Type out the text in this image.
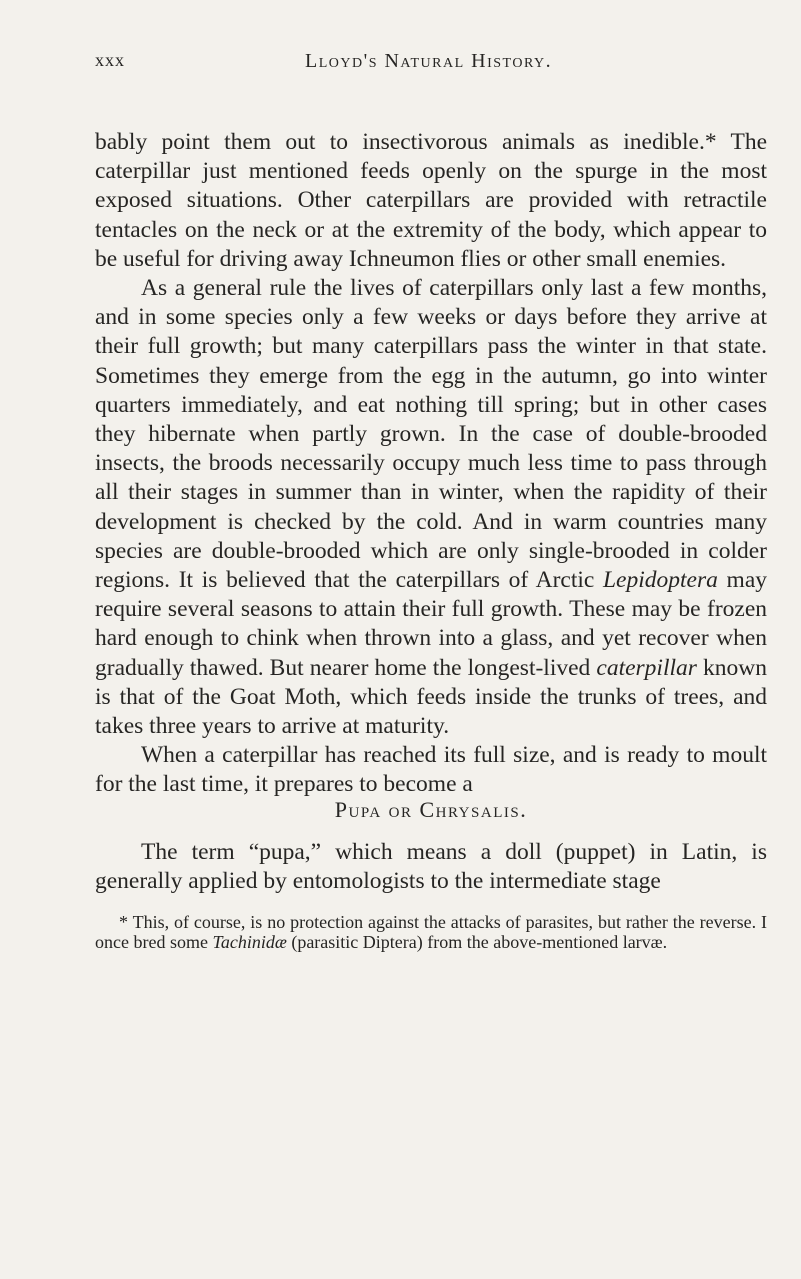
xxx	Lloyd's Natural History.

bably point them out to insectivorous animals as inedible.* The caterpillar just mentioned feeds openly on the spurge in the most exposed situations. Other caterpillars are provided with retractile tentacles on the neck or at the extremity of the body, which appear to be useful for driving away Ichneumon flies or other small enemies.

As a general rule the lives of caterpillars only last a few months, and in some species only a few weeks or days before they arrive at their full growth; but many caterpillars pass the winter in that state. Sometimes they emerge from the egg in the autumn, go into winter quarters immediately, and eat nothing till spring; but in other cases they hibernate when partly grown. In the case of double-brooded insects, the broods necessarily occupy much less time to pass through all their stages in summer than in winter, when the rapidity of their development is checked by the cold. And in warm countries many species are double-brooded which are only single-brooded in colder regions. It is believed that the caterpillars of Arctic Lepidoptera may require several seasons to attain their full growth. These may be frozen hard enough to chink when thrown into a glass, and yet recover when gradually thawed. But nearer home the longest-lived caterpillar known is that of the Goat Moth, which feeds inside the trunks of trees, and takes three years to arrive at maturity.

When a caterpillar has reached its full size, and is ready to moult for the last time, it prepares to become a

Pupa or Chrysalis.

The term “pupa,” which means a doll (puppet) in Latin, is generally applied by entomologists to the intermediate stage

* This, of course, is no protection against the attacks of parasites, but rather the reverse. I once bred some Tachinidæ (parasitic Diptera) from the above-mentioned larvæ.
